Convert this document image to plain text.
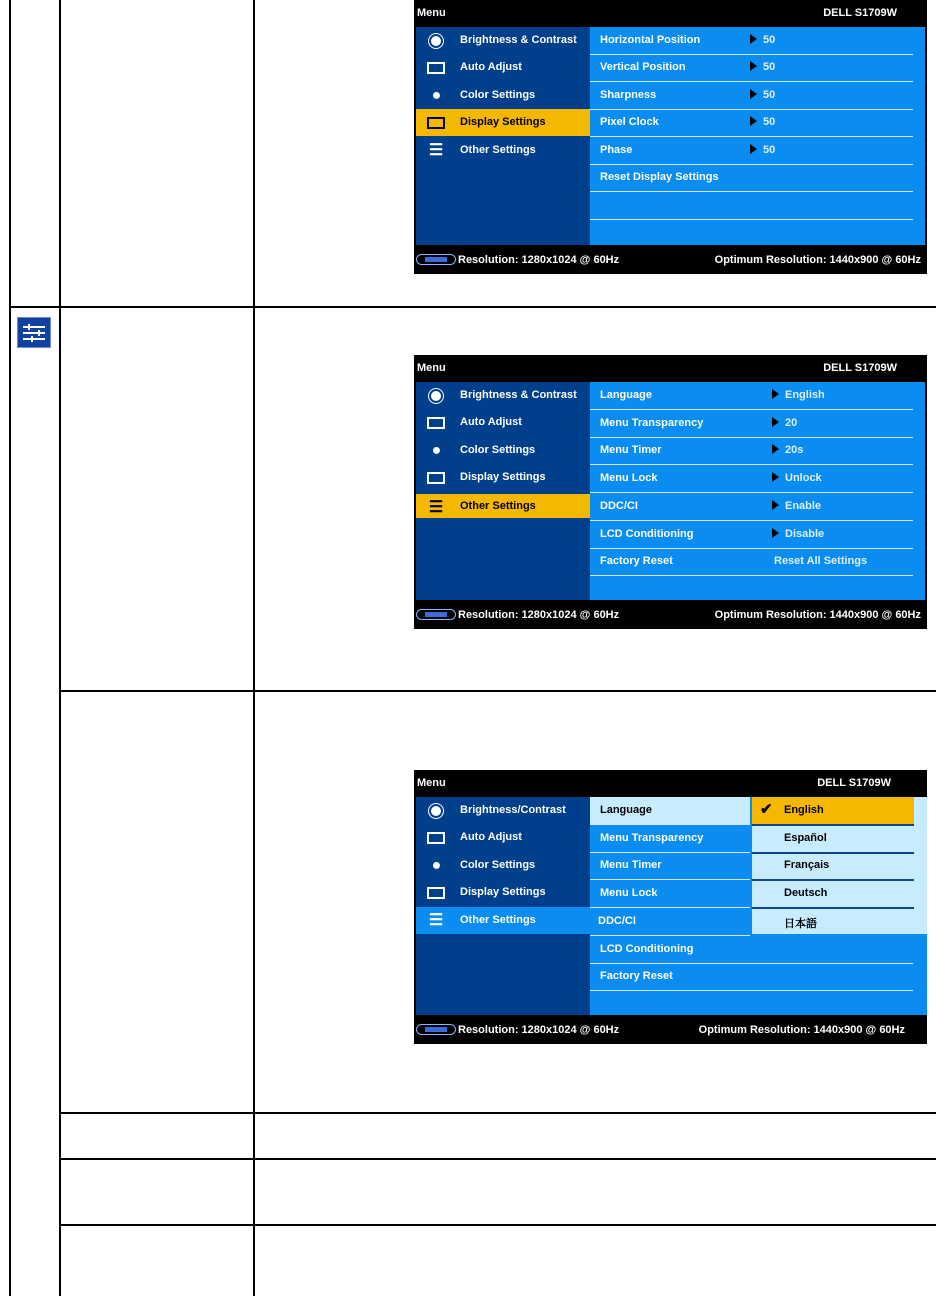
Menu	DELL S1709W
Brightness & Contrast
Auto Adjust
●	Color Settings
Display Settings
☰	Other Settings
Horizontal Position	50
Vertical Position	50
Sharpness	50
Pixel Clock	50
Phase	50
Reset Display Settings
Resolution: 1280x1024 @ 60Hz	Optimum Resolution: 1440x900 @ 60Hz
Menu	DELL S1709W
Brightness & Contrast
Auto Adjust
●	Color Settings
Display Settings
☰	Other Settings
Language	English
Menu Transparency	20
Menu Timer	20s
Menu Lock	Unlock
DDC/CI	Enable
LCD Conditioning	Disable
Factory Reset	Reset All Settings
Resolution: 1280x1024 @ 60Hz	Optimum Resolution: 1440x900 @ 60Hz
Menu	DELL S1709W
Brightness/Contrast
Auto Adjust
●	Color Settings
Display Settings
☰	Other Settings
Language
Menu Transparency
Menu Timer
Menu Lock
DDC/CI
LCD Conditioning
Factory Reset
✔ English
Español
Français
Deutsch
日本語
Resolution: 1280x1024 @ 60Hz	Optimum Resolution: 1440x900 @ 60Hz
